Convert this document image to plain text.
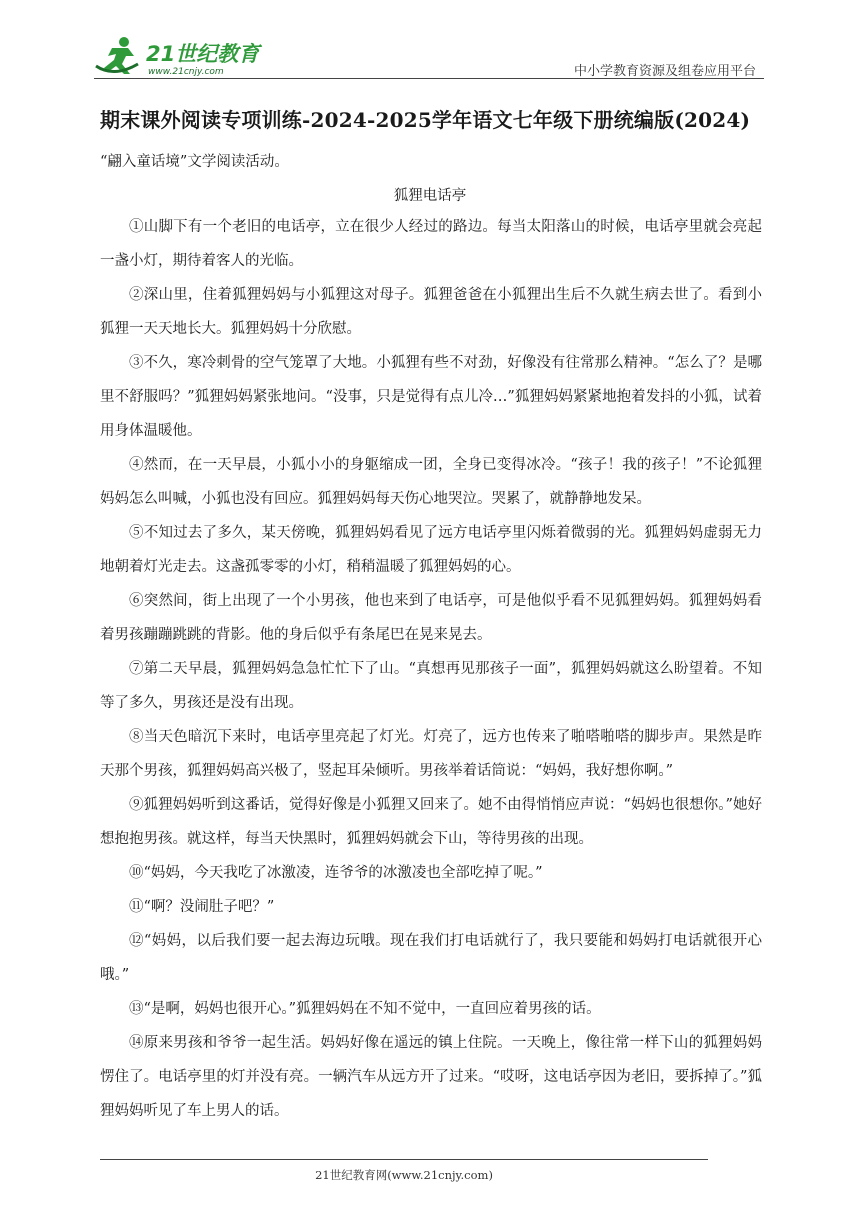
21世纪教育
www.21cnjy.com	中小学教育资源及组卷应用平台
期末课外阅读专项训练-2024-2025学年语文七年级下册统编版(2024)
“翩入童话境”文学阅读活动。
狐狸电话亭

①山脚下有一个老旧的电话亭，立在很少人经过的路边。每当太阳落山的时候，电话亭里就会亮起一盏小灯，期待着客人的光临。

②深山里，住着狐狸妈妈与小狐狸这对母子。狐狸爸爸在小狐狸出生后不久就生病去世了。看到小狐狸一天天地长大。狐狸妈妈十分欣慰。

③不久，寒冷刺骨的空气笼罩了大地。小狐狸有些不对劲，好像没有往常那么精神。“怎么了？是哪里不舒服吗？”狐狸妈妈紧张地问。“没事，只是觉得有点儿冷…”狐狸妈妈紧紧地抱着发抖的小狐，试着用身体温暖他。

④然而，在一天早晨，小狐小小的身躯缩成一团，全身已变得冰冷。“孩子！我的孩子！”不论狐狸妈妈怎么叫喊，小狐也没有回应。狐狸妈妈每天伤心地哭泣。哭累了，就静静地发呆。

⑤不知过去了多久，某天傍晚，狐狸妈妈看见了远方电话亭里闪烁着微弱的光。狐狸妈妈虚弱无力地朝着灯光走去。这盏孤零零的小灯，稍稍温暖了狐狸妈妈的心。

⑥突然间，街上出现了一个小男孩，他也来到了电话亭，可是他似乎看不见狐狸妈妈。狐狸妈妈看着男孩蹦蹦跳跳的背影。他的身后似乎有条尾巴在晃来晃去。

⑦第二天早晨，狐狸妈妈急急忙忙下了山。“真想再见那孩子一面”，狐狸妈妈就这么盼望着。不知等了多久，男孩还是没有出现。

⑧当天色暗沉下来时，电话亭里亮起了灯光。灯亮了，远方也传来了啪嗒啪嗒的脚步声。果然是昨天那个男孩，狐狸妈妈高兴极了，竖起耳朵倾听。男孩举着话筒说：“妈妈，我好想你啊。”

⑨狐狸妈妈听到这番话，觉得好像是小狐狸又回来了。她不由得悄悄应声说：“妈妈也很想你。”她好想抱抱男孩。就这样，每当天快黑时，狐狸妈妈就会下山，等待男孩的出现。

⑩“妈妈，今天我吃了冰激凌，连爷爷的冰激凌也全部吃掉了呢。”

⑪“啊？没闹肚子吧？”

⑫“妈妈，以后我们要一起去海边玩哦。现在我们打电话就行了，我只要能和妈妈打电话就很开心哦。”

⑬“是啊，妈妈也很开心。”狐狸妈妈在不知不觉中，一直回应着男孩的话。

⑭原来男孩和爷爷一起生活。妈妈好像在遥远的镇上住院。一天晚上，像往常一样下山的狐狸妈妈愣住了。电话亭里的灯并没有亮。一辆汽车从远方开了过来。“哎呀，这电话亭因为老旧，要拆掉了。”狐狸妈妈听见了车上男人的话。

21世纪教育网(www.21cnjy.com)
